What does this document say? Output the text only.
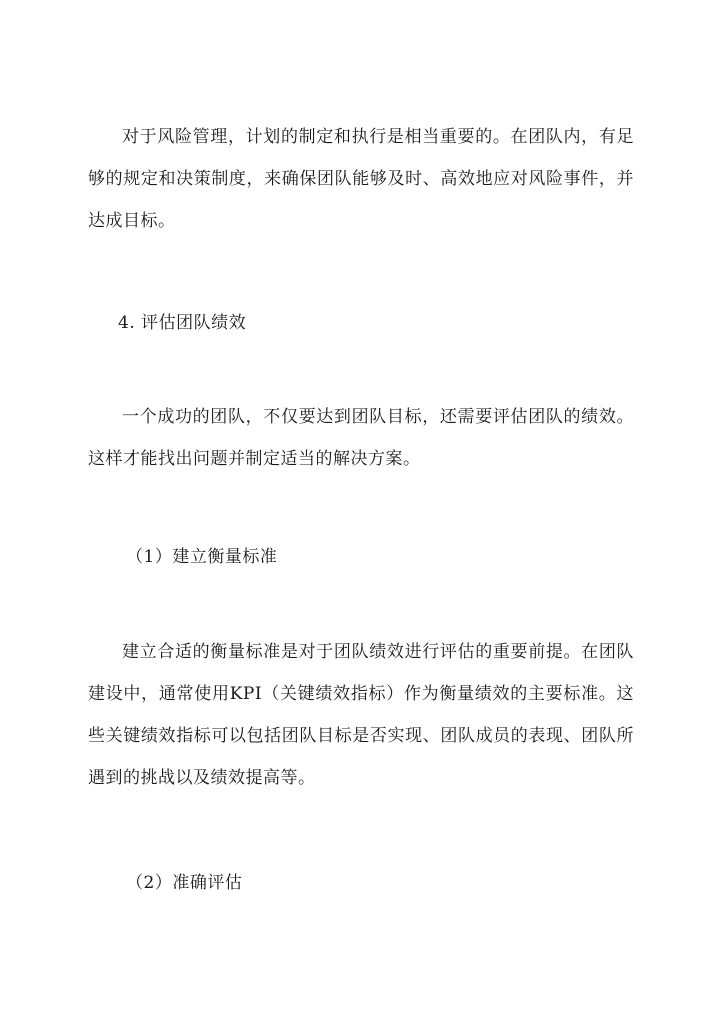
对于风险管理，计划的制定和执行是相当重要的。在团队内，有足够的规定和决策制度，来确保团队能够及时、高效地应对风险事件，并达成目标。

4. 评估团队绩效

一个成功的团队，不仅要达到团队目标，还需要评估团队的绩效。这样才能找出问题并制定适当的解决方案。

（1）建立衡量标准

建立合适的衡量标准是对于团队绩效进行评估的重要前提。在团队建设中，通常使用KPI（关键绩效指标）作为衡量绩效的主要标准。这些关键绩效指标可以包括团队目标是否实现、团队成员的表现、团队所遇到的挑战以及绩效提高等。

（2）准确评估
